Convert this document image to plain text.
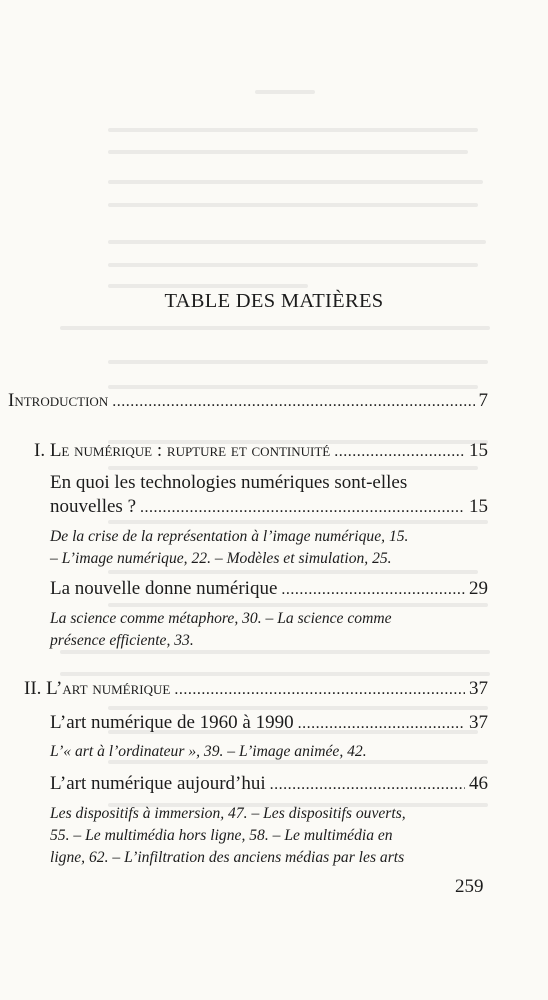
TABLE DES MATIÈRES
Introduction .....	7
I. Le numérique : rupture et continuité .....	15
En quoi les technologies numériques sont-elles
nouvelles ? .....	15
De la crise de la représentation à l’image numérique, 15.
– L’image numérique, 22. – Modèles et simulation, 25.
La nouvelle donne numérique .....	29
La science comme métaphore, 30. – La science comme
présence efficiente, 33.
II. L’art numérique .....	37
L’art numérique de 1960 à 1990 .....	37
L’« art à l’ordinateur », 39. – L’image animée, 42.
L’art numérique aujourd’hui .....	46
Les dispositifs à immersion, 47. – Les dispositifs ouverts,
55. – Le multimédia hors ligne, 58. – Le multimédia en
ligne, 62. – L’infiltration des anciens médias par les arts
259
